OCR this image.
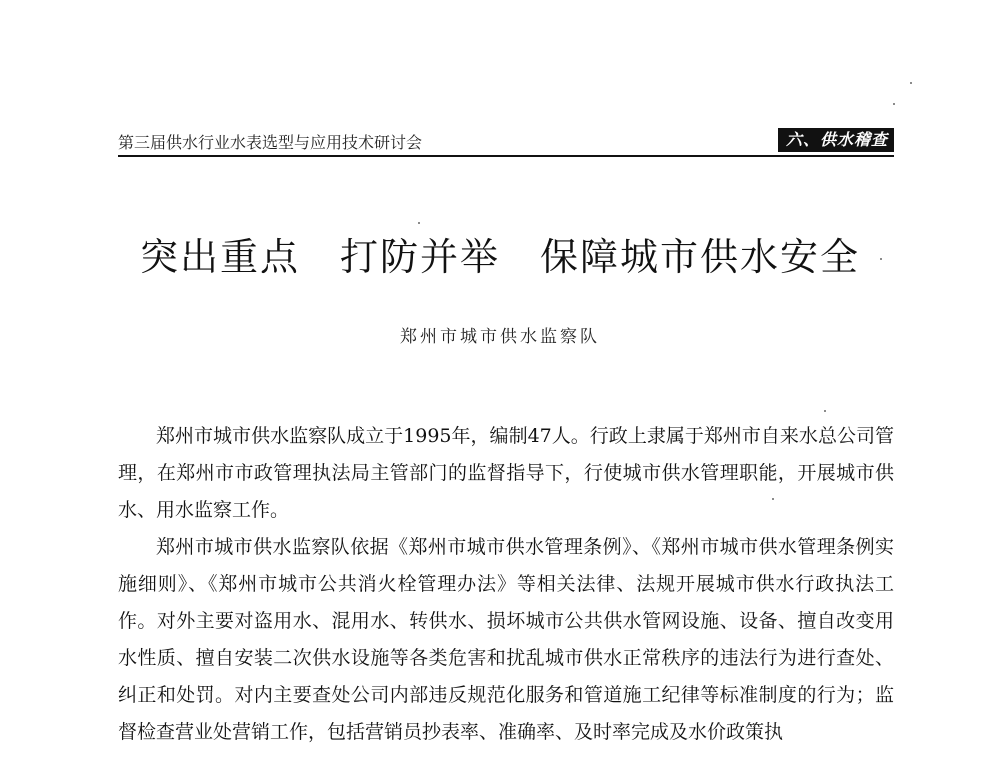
第三届供水行业水表选型与应用技术研讨会	六、供水稽查
突出重点　打防并举　保障城市供水安全
郑州市城市供水监察队

郑州市城市供水监察队成立于1995年，编制47人。行政上隶属于郑州市自来水总公司管理，在郑州市市政管理执法局主管部门的监督指导下，行使城市供水管理职能，开展城市供水、用水监察工作。

郑州市城市供水监察队依据《郑州市城市供水管理条例》、《郑州市城市供水管理条例实施细则》、《郑州市城市公共消火栓管理办法》等相关法律、法规开展城市供水行政执法工作。对外主要对盗用水、混用水、转供水、损坏城市公共供水管网设施、设备、擅自改变用水性质、擅自安装二次供水设施等各类危害和扰乱城市供水正常秩序的违法行为进行查处、纠正和处罚。对内主要查处公司内部违反规范化服务和管道施工纪律等标准制度的行为；监督检查营业处营销工作，包括营销员抄表率、准确率、及时率完成及水价政策执
